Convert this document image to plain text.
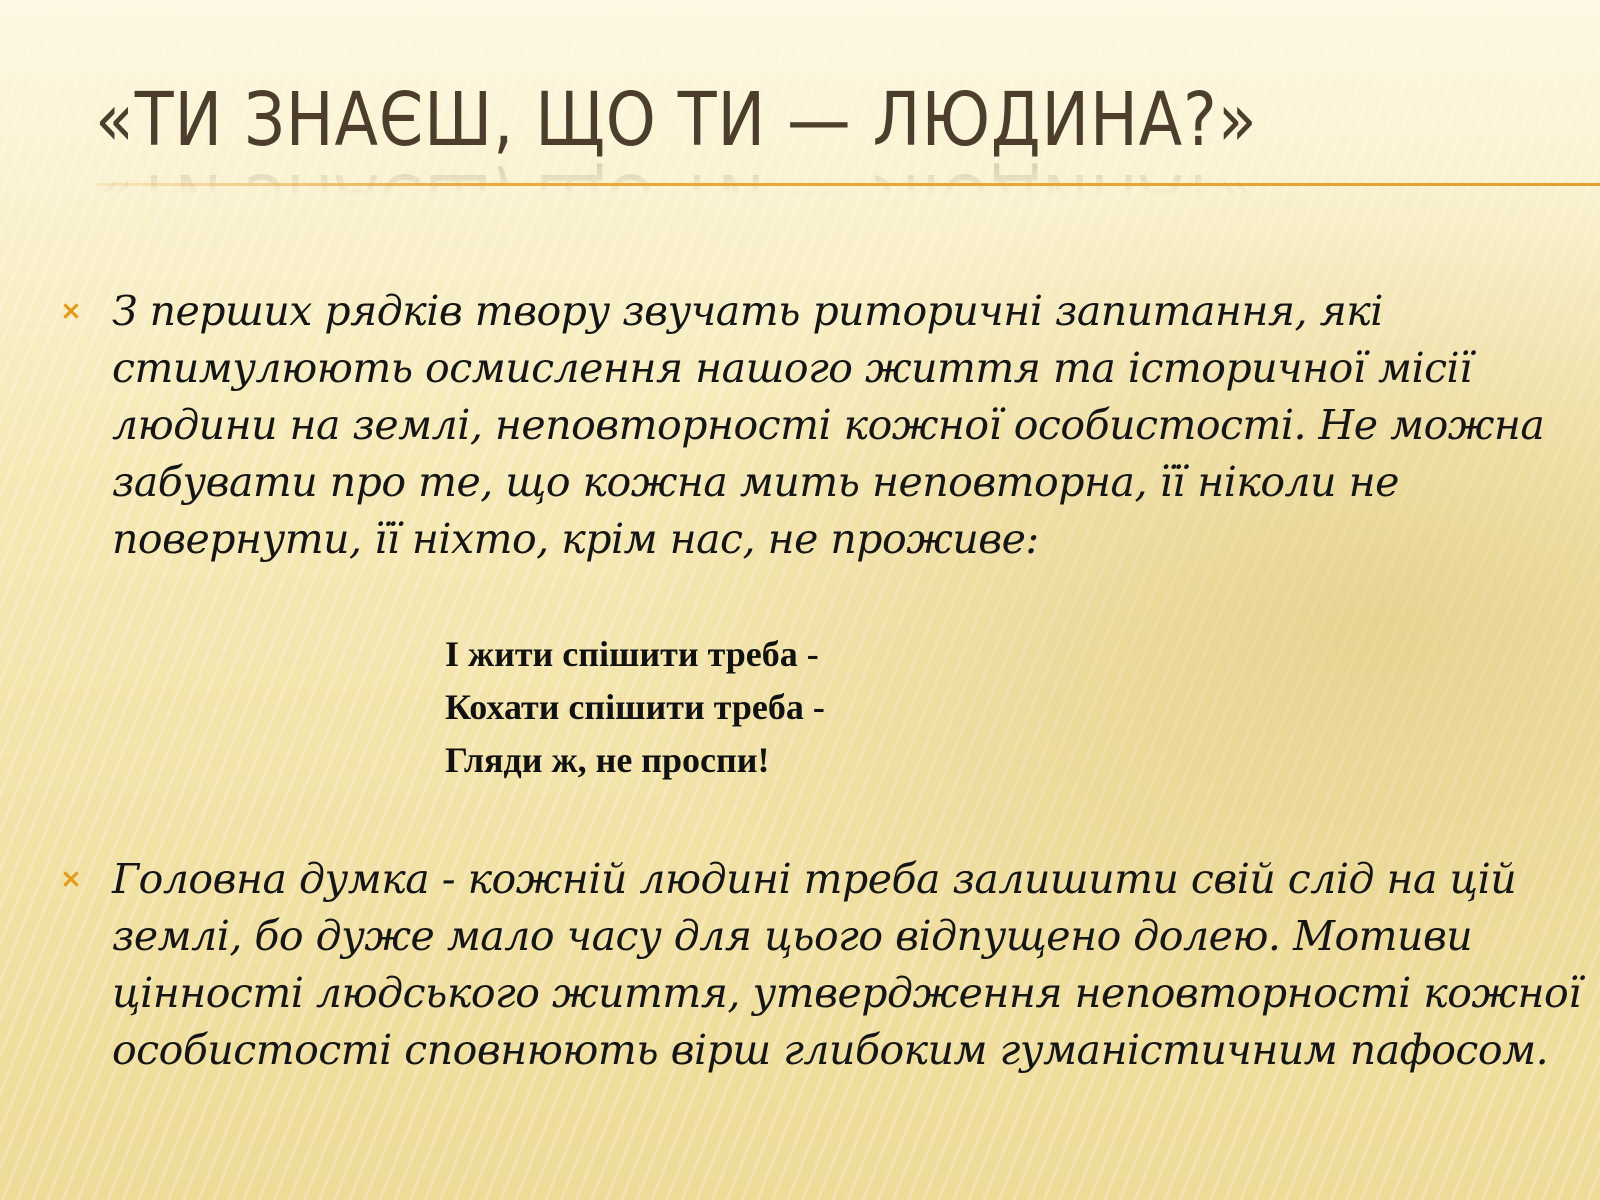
«ТИ ЗНАЄШ, ЩО ТИ — ЛЮДИНА?»
З перших рядків твору звучать риторичні запитання, які стимулюють осмислення нашого життя та історичної місії людини на землі, неповторності кожної особистості. Не можна забувати про те, що кожна мить неповторна, її ніколи не повернути, її ніхто, крім нас, не проживе:
І жити спішити треба -
Кохати спішити треба -
Гляди ж, не проспи!
Головна думка - кожній людині треба залишити свій слід на цій землі, бо дуже мало часу для цього відпущено долею. Мотиви цінності людського життя, утвердження неповторності кожної особистості сповнюють вірш глибоким гуманістичним пафосом.
